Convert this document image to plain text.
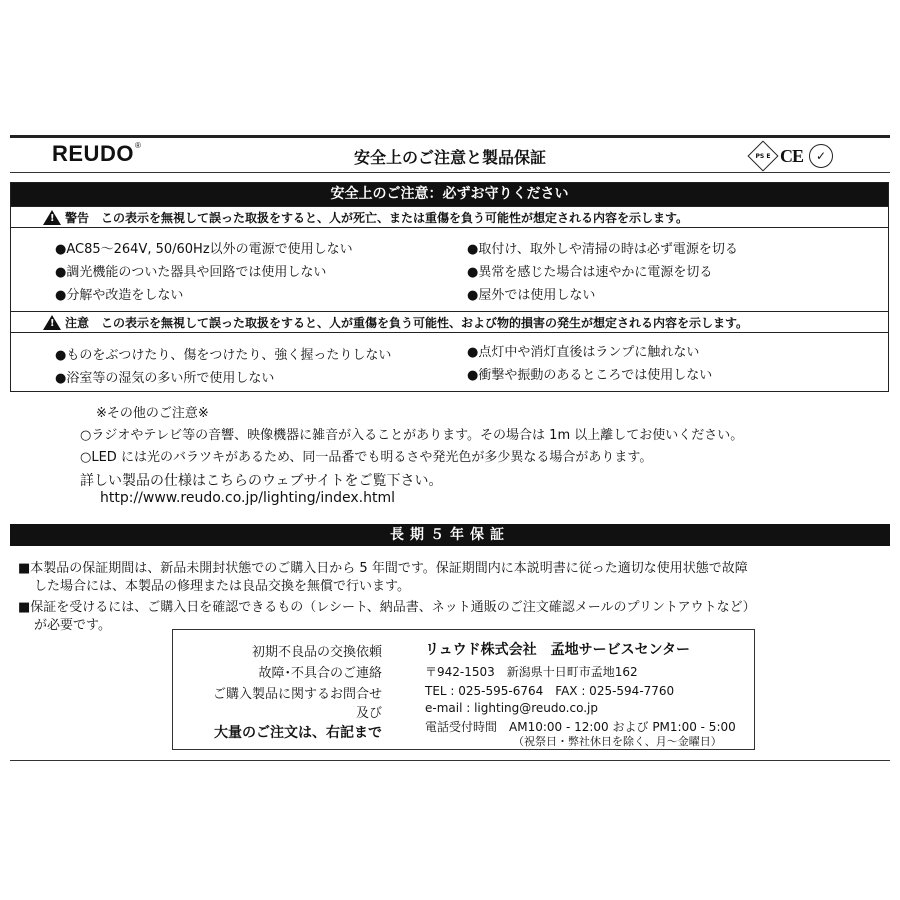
REUDO®
安全上のご注意と製品保証	PS E CE	✓
安全上のご注意：必ずお守りください
!
警告　この表示を無視して誤った取扱をすると、人が死亡、または重傷を負う可能性が想定される内容を示します。
●AC85～264V, 50/60Hz以外の電源で使用しない
●調光機能のついた器具や回路では使用しない
●分解や改造をしない
●取付け、取外しや清掃の時は必ず電源を切る
●異常を感じた場合は速やかに電源を切る
●屋外では使用しない
!
注意　この表示を無視して誤った取扱をすると、人が重傷を負う可能性、および物的損害の発生が想定される内容を示します。
●ものをぶつけたり、傷をつけたり、強く握ったりしない
●浴室等の湿気の多い所で使用しない
●点灯中や消灯直後はランプに触れない
●衝撃や振動のあるところでは使用しない
※その他のご注意※
○ラジオやテレビ等の音響、映像機器に雑音が入ることがあります。その場合は 1m 以上離してお使いください。
○LED には光のバラツキがあるため、同一品番でも明るさや発光色が多少異なる場合があります。
詳しい製品の仕様はこちらのウェブサイトをご覧下さい。
http://www.reudo.co.jp/lighting/index.html
長期５年保証
■本製品の保証期間は、新品未開封状態でのご購入日から 5 年間です。保証期間内に本説明書に従った適切な使用状態で故障
した場合には、本製品の修理または良品交換を無償で行います。
■保証を受けるには、ご購入日を確認できるもの（レシート、納品書、ネット通販のご注文確認メールのプリントアウトなど）
が必要です。
初期不良品の交換依頼
故障･不具合のご連絡
ご購入製品に関するお問合せ
及び
大量のご注文は、右記まで
リュウド株式会社　孟地サービスセンター
〒942-1503　新潟県十日町市孟地162
TEL : 025-595-6764　FAX : 025-594-7760
e-mail : lighting@reudo.co.jp
電話受付時間　AM10:00 - 12:00 および PM1:00 - 5:00
（祝祭日・弊社休日を除く、月～金曜日）
